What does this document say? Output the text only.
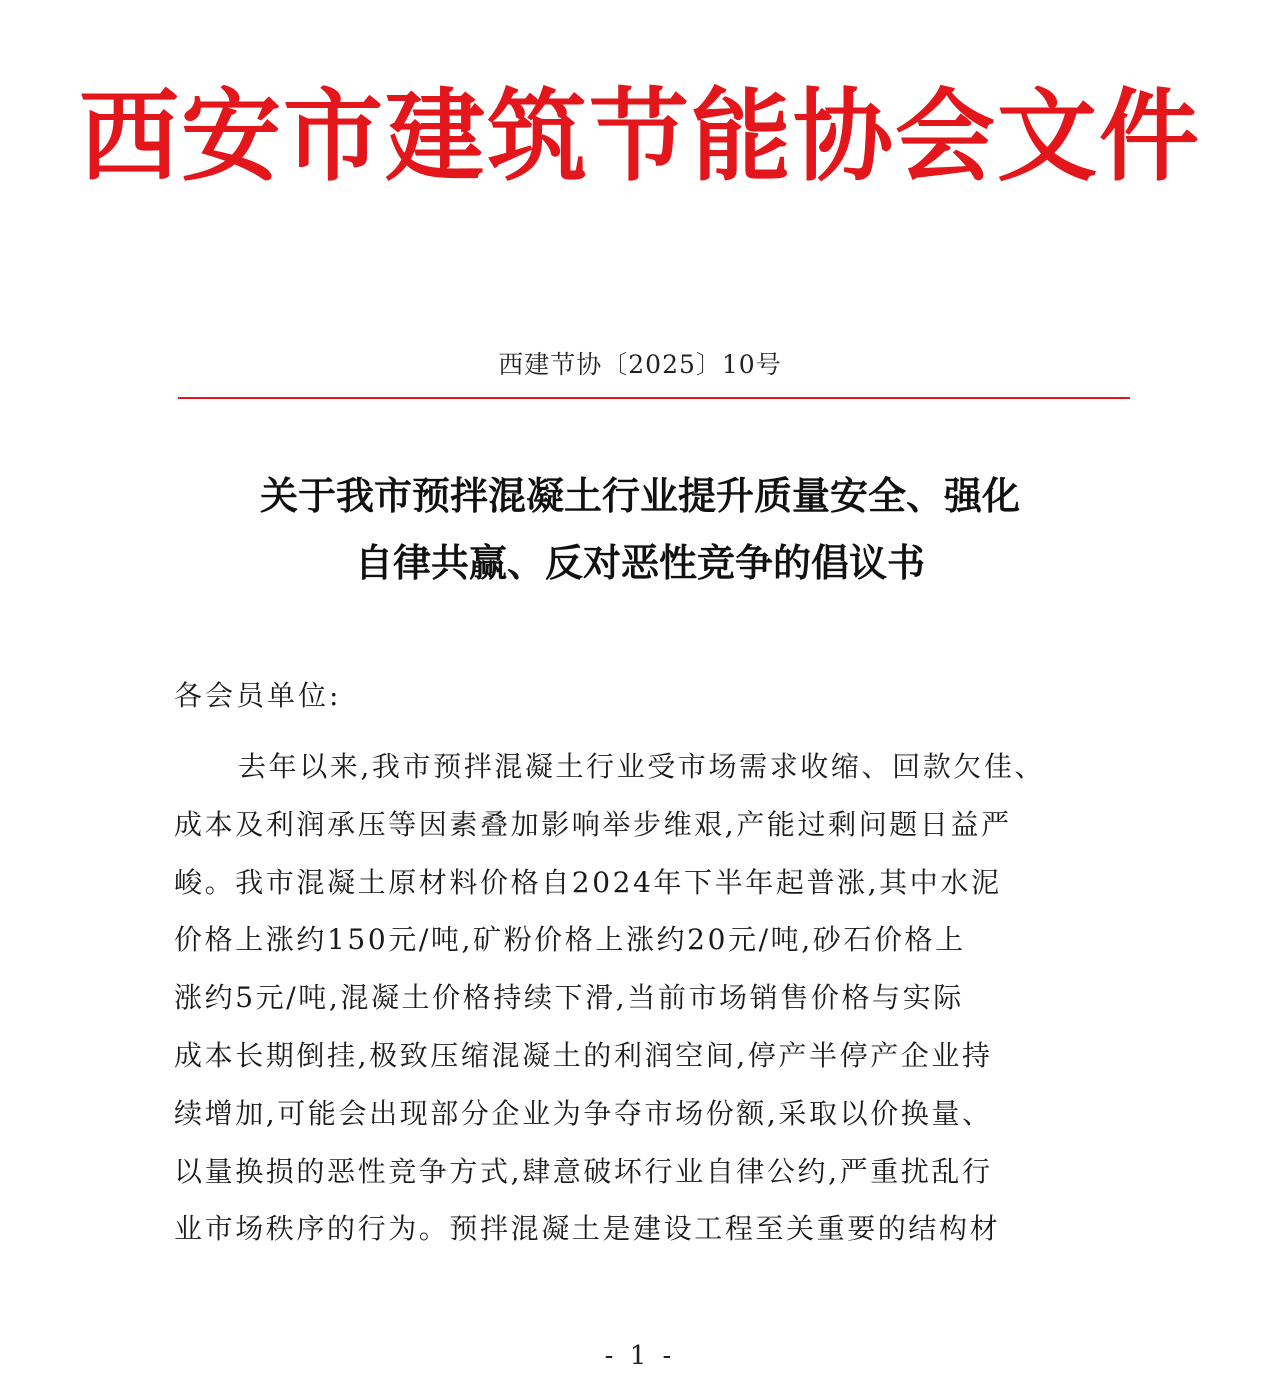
西安市建筑节能协会文件
西建节协〔2025〕10号
关于我市预拌混凝土行业提升质量安全、强化
自律共赢、反对恶性竞争的倡议书
各会员单位:
去年以来,我市预拌混凝土行业受市场需求收缩、回款欠佳、
成本及利润承压等因素叠加影响举步维艰,产能过剩问题日益严
峻。我市混凝土原材料价格自2024年下半年起普涨,其中水泥
价格上涨约150元/吨,矿粉价格上涨约20元/吨,砂石价格上
涨约5元/吨,混凝土价格持续下滑,当前市场销售价格与实际
成本长期倒挂,极致压缩混凝土的利润空间,停产半停产企业持
续增加,可能会出现部分企业为争夺市场份额,采取以价换量、
以量换损的恶性竞争方式,肆意破坏行业自律公约,严重扰乱行
业市场秩序的行为。预拌混凝土是建设工程至关重要的结构材
- 1 -
